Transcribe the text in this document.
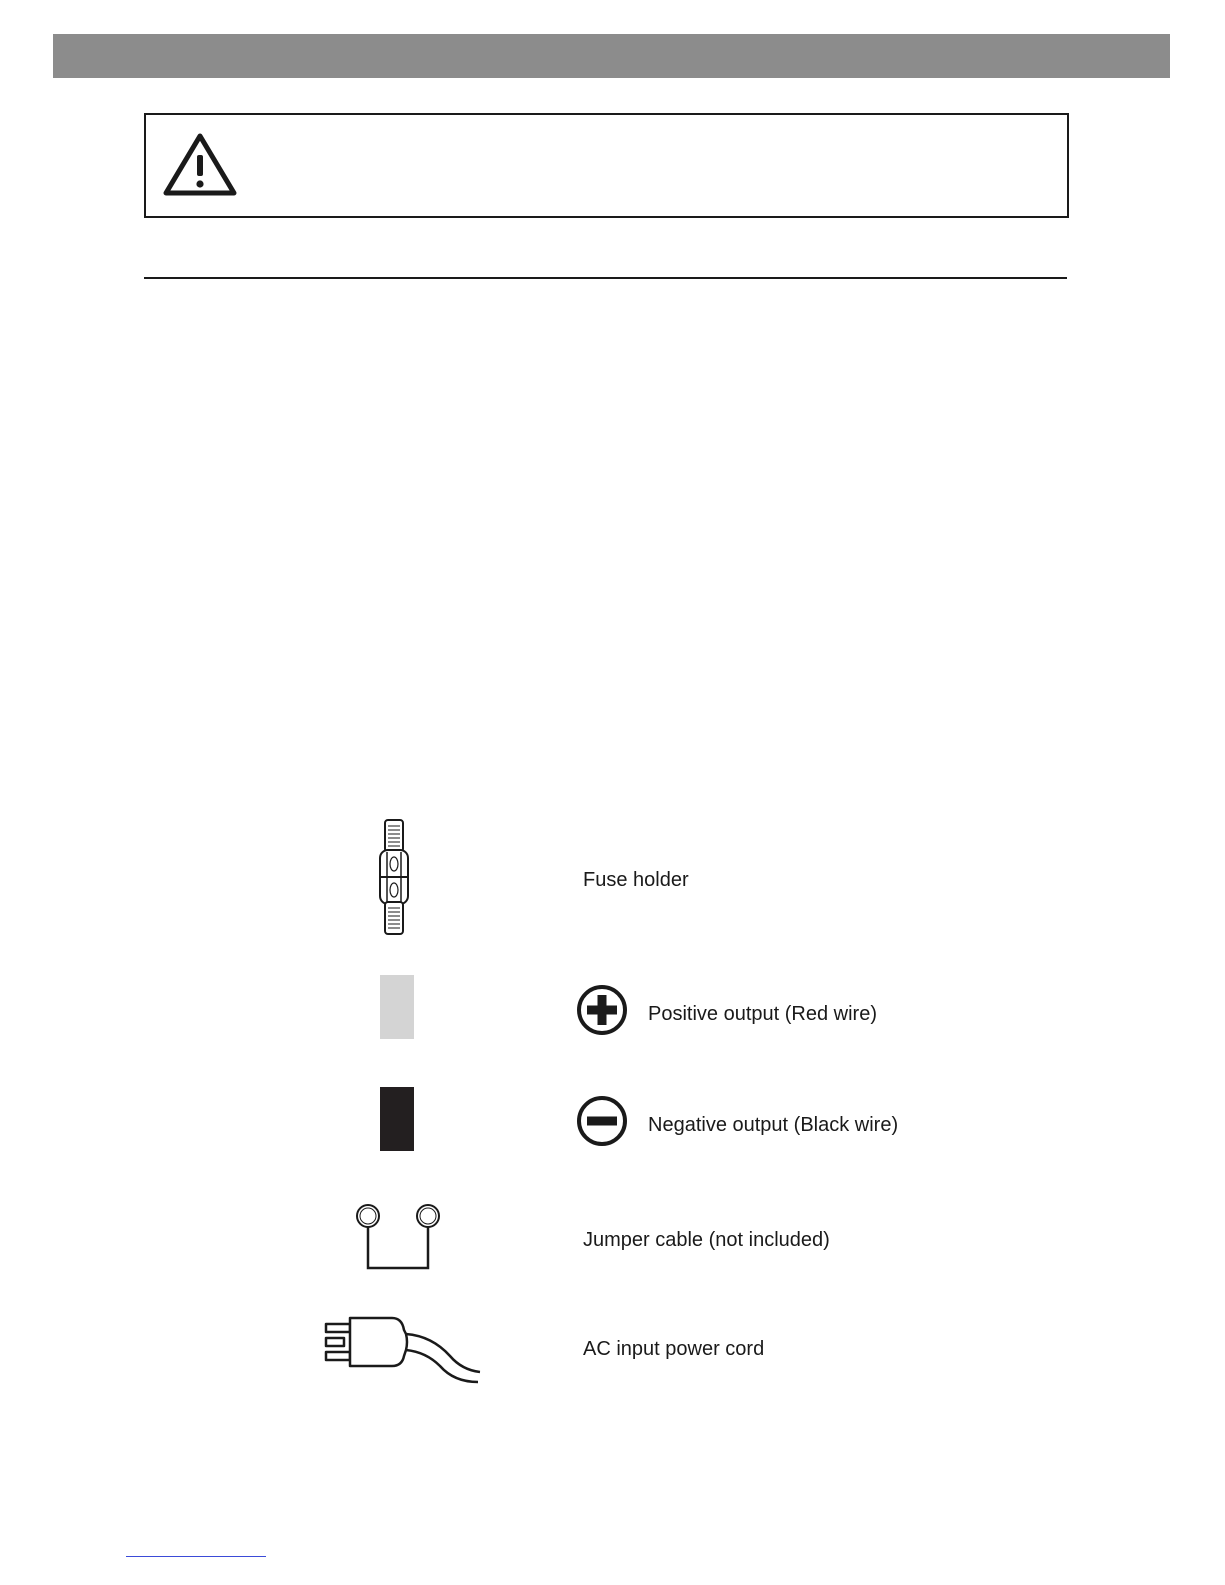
Fuse holder
Positive output (Red wire)
Negative output (Black wire)
Jumper cable (not included)
AC input power cord
